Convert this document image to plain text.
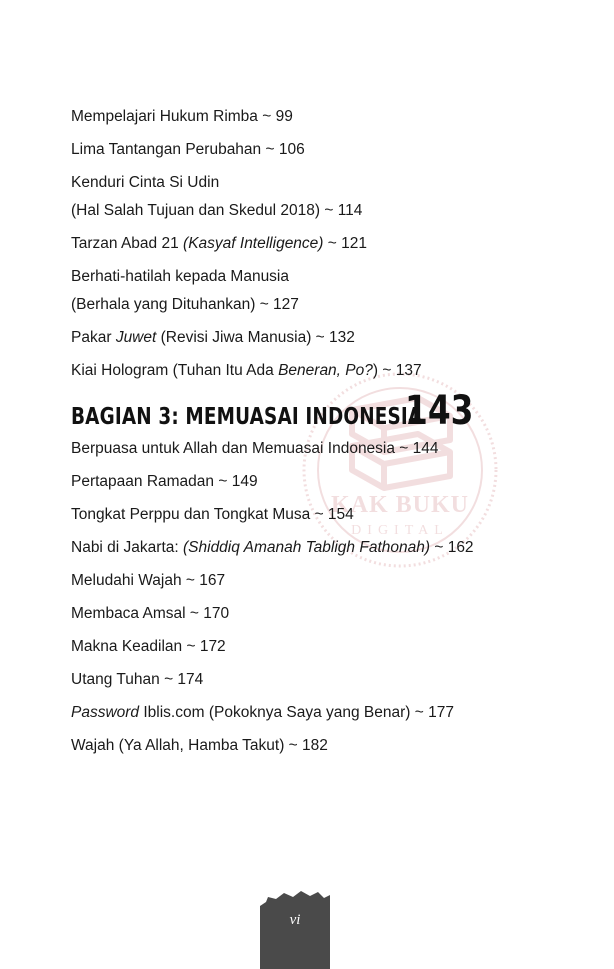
KAK BUKU
DIGITAL
Mempelajari Hukum Rimba ~ 99
Lima Tantangan Perubahan ~ 106
Kenduri Cinta Si Udin
(Hal Salah Tujuan dan Skedul 2018) ~ 114
Tarzan Abad 21 (Kasyaf Intelligence) ~ 121
Berhati-hatilah kepada Manusia
(Berhala yang Dituhankan) ~ 127
Pakar Juwet (Revisi Jiwa Manusia) ~ 132
Kiai Hologram (Tuhan Itu Ada Beneran, Po?) ~ 137
BAGIAN 3: MEMUASAI INDONESIA
143
Berpuasa untuk Allah dan Memuasai Indonesia ~ 144
Pertapaan Ramadan ~ 149
Tongkat Perppu dan Tongkat Musa ~ 154
Nabi di Jakarta: (Shiddiq Amanah Tabligh Fathonah) ~ 162
Meludahi Wajah ~ 167
Membaca Amsal ~ 170
Makna Keadilan ~ 172
Utang Tuhan ~ 174
Password Iblis.com (Pokoknya Saya yang Benar) ~ 177
Wajah (Ya Allah, Hamba Takut) ~ 182
vi
